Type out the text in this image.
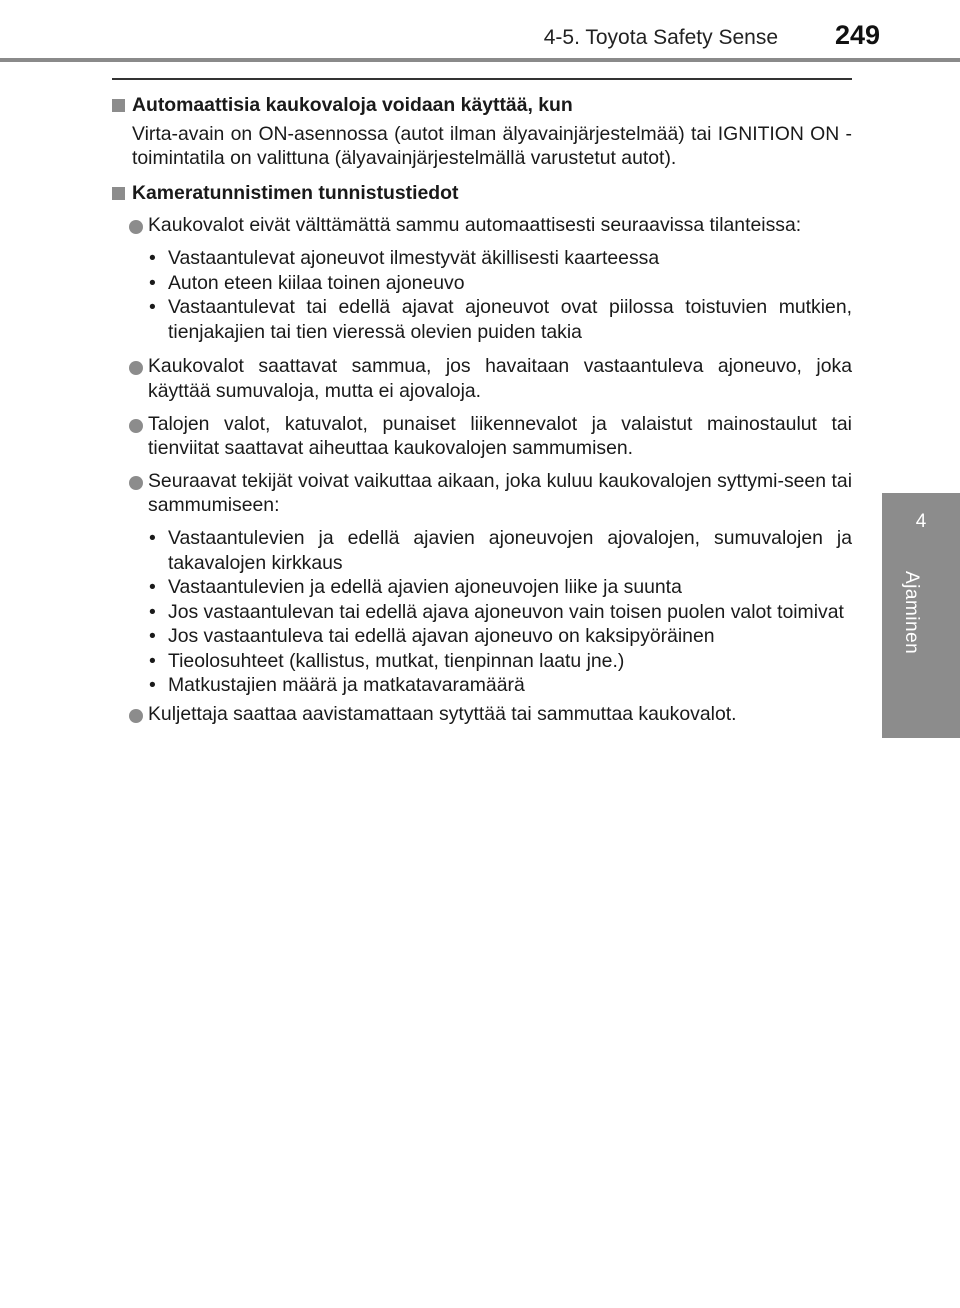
4-5. Toyota Safety Sense 249
4
Ajaminen
Automaattisia kaukovaloja voidaan käyttää, kun
Virta-avain on ON-asennossa (autot ilman älyavainjärjestelmää) tai IGNITION ON -toimintatila on valittuna (älyavainjärjestelmällä varustetut autot).
Kameratunnistimen tunnistustiedot
Kaukovalot eivät välttämättä sammu automaattisesti seuraavissa tilanteissa:
• Vastaantulevat ajoneuvot ilmestyvät äkillisesti kaarteessa
• Auton eteen kiilaa toinen ajoneuvo
• Vastaantulevat tai edellä ajavat ajoneuvot ovat piilossa toistuvien mutkien, tienjakajien tai tien vieressä olevien puiden takia
Kaukovalot saattavat sammua, jos havaitaan vastaantuleva ajoneuvo, joka käyttää sumuvaloja, mutta ei ajovaloja.
Talojen valot, katuvalot, punaiset liikennevalot ja valaistut mainostaulut tai tienviitat saattavat aiheuttaa kaukovalojen sammumisen.
Seuraavat tekijät voivat vaikuttaa aikaan, joka kuluu kaukovalojen syttymi-seen tai sammumiseen:
• Vastaantulevien ja edellä ajavien ajoneuvojen ajovalojen, sumuvalojen ja takavalojen kirkkaus
• Vastaantulevien ja edellä ajavien ajoneuvojen liike ja suunta
• Jos vastaantulevan tai edellä ajava ajoneuvon vain toisen puolen valot toimivat
• Jos vastaantuleva tai edellä ajavan ajoneuvo on kaksipyöräinen
• Tieolosuhteet (kallistus, mutkat, tienpinnan laatu jne.)
• Matkustajien määrä ja matkatavaramäärä
Kuljettaja saattaa aavistamattaan sytyttää tai sammuttaa kaukovalot.
